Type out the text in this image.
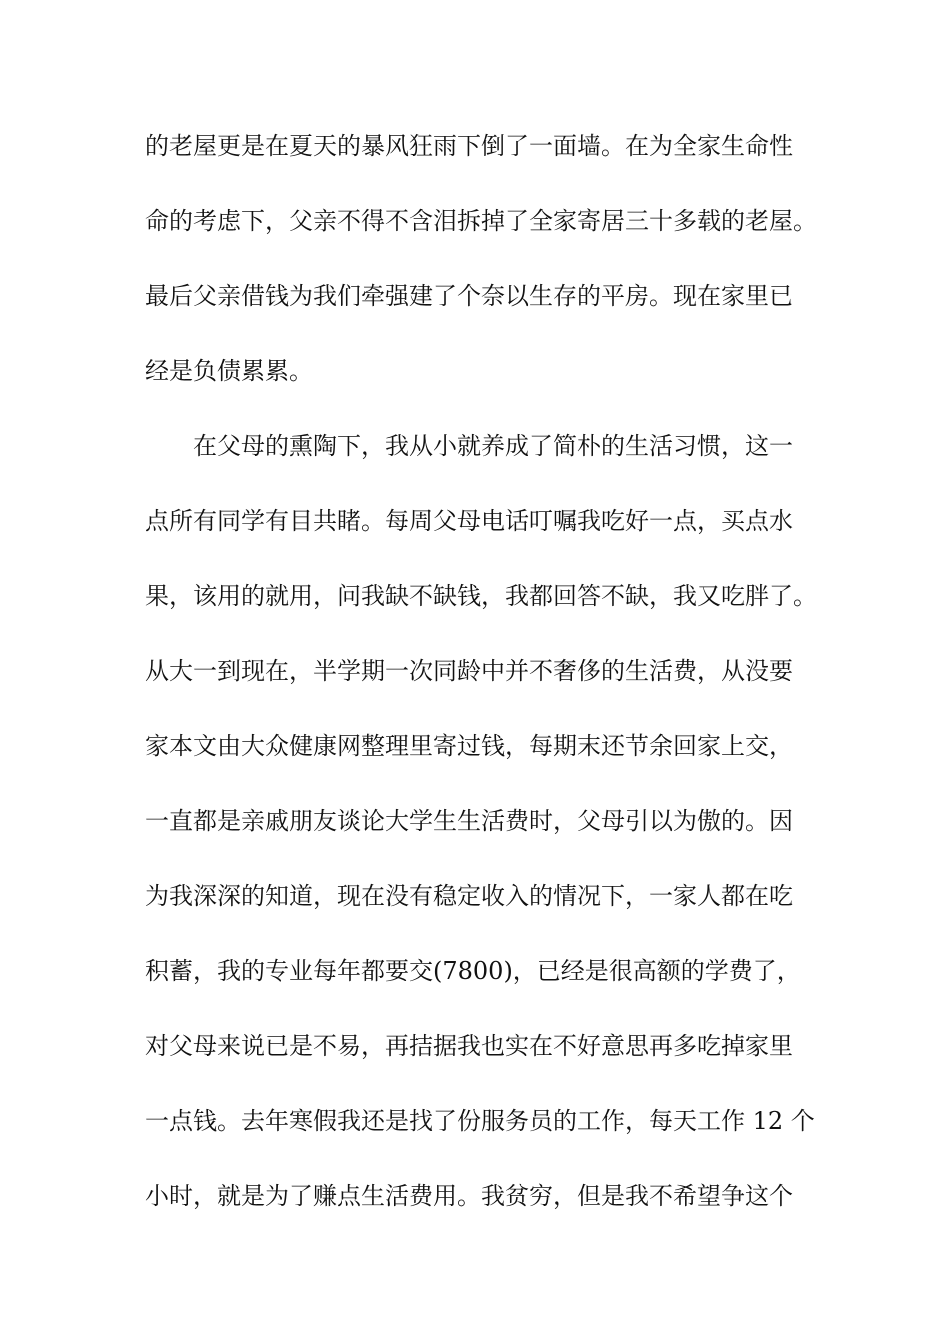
的老屋更是在夏天的暴风狂雨下倒了一面墙。在为全家生命性

命的考虑下，父亲不得不含泪拆掉了全家寄居三十多载的老屋。

最后父亲借钱为我们牵强建了个奈以生存的平房。现在家里已

经是负债累累。

在父母的熏陶下，我从小就养成了简朴的生活习惯，这一

点所有同学有目共睹。每周父母电话叮嘱我吃好一点，买点水

果，该用的就用，问我缺不缺钱，我都回答不缺，我又吃胖了。

从大一到现在，半学期一次同龄中并不奢侈的生活费，从没要

家本文由大众健康网整理里寄过钱，每期末还节余回家上交，

一直都是亲戚朋友谈论大学生生活费时，父母引以为傲的。因

为我深深的知道，现在没有稳定收入的情况下，一家人都在吃

积蓄，我的专业每年都要交(7800)，已经是很高额的学费了，

对父母来说已是不易，再拮据我也实在不好意思再多吃掉家里

一点钱。去年寒假我还是找了份服务员的工作，每天工作 12 个

小时，就是为了赚点生活费用。我贫穷，但是我不希望争这个
